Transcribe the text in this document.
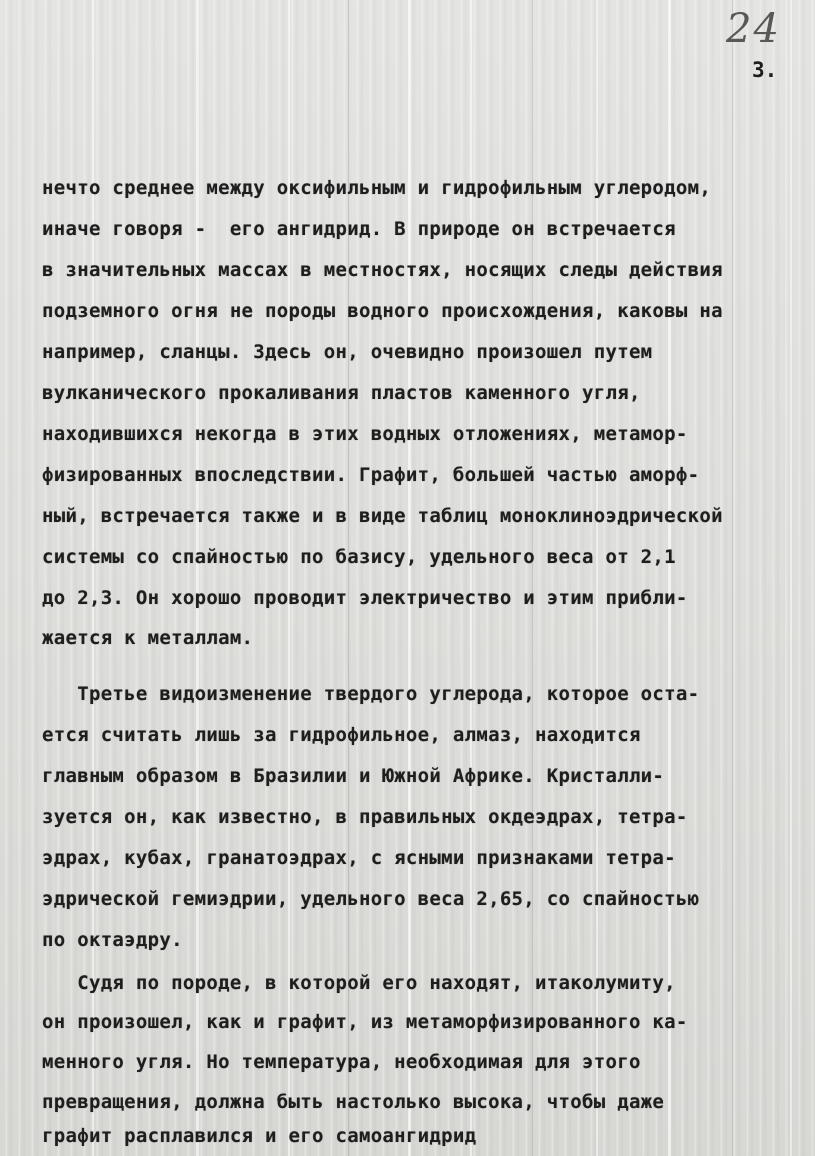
24
3.
нечто среднее между оксифильным и гидрофильным углеродом,
иначе говоря -  его ангидрид. В природе он встречается
в значительных массах в местностях, носящих следы действия
подземного огня не породы водного происхождения, каковы на
например, сланцы. Здесь он, очевидно произошел путем
вулканического прокаливания пластов каменного угля,
находившихся некогда в этих водных отложениях, метамор-
физированных впоследствии. Графит, большей частью аморф-
ный, встречается также и в виде таблиц моноклиноэдрической
системы со спайностью по базису, удельного веса от 2,1
до 2,3. Он хорошо проводит электричество и этим прибли-
жается к металлам.
Третье видоизменение твердого углерода, которое оста-
ется считать лишь за гидрофильное, алмаз, находится
главным образом в Бразилии и Южной Африке. Кристалли-
зуется он, как известно, в правильных окдеэдрах, тетра-
эдрах, кубах, гранатоэдрах, с ясными признаками тетра-
эдрической гемиэдрии, удельного веса 2,65, со спайностью
по октаэдру.
Судя по породе, в которой его находят, итаколумиту,
он произошел, как и графит, из метаморфизированного ка-
менного угля. Но температура, необходимая для этого
превращения, должна быть настолько высока, чтобы даже
графит расплавился и его самоангидрид
